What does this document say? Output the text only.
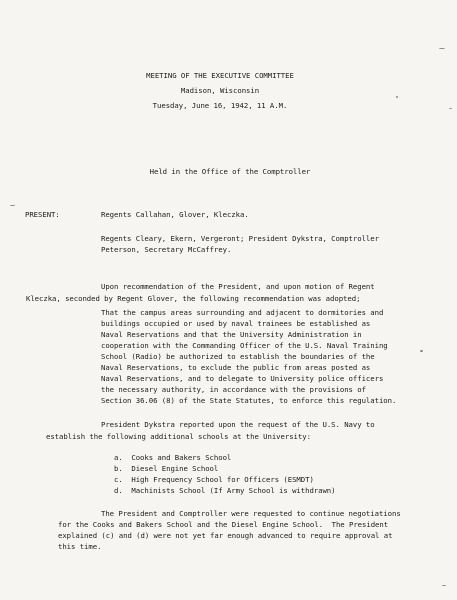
MEETING OF THE EXECUTIVE COMMITTEE
Madison, Wisconsin
Tuesday, June 16, 1942, 11 A.M.
Held in the Office of the Comptroller
PRESENT:	Regents Callahan, Glover, Kleczka.
Regents Cleary, Ekern, Vergeront; President Dykstra, Comptroller
Peterson, Secretary McCaffrey.
Upon recommendation of the President, and upon motion of Regent
Kleczka, seconded by Regent Glover, the following recommendation was adopted;
That the campus areas surrounding and adjacent to dormitories and
buildings occupied or used by naval trainees be established as
Naval Reservations and that the University Administration in
cooperation with the Commanding Officer of the U.S. Naval Training
School (Radio) be authorized to establish the boundaries of the
Naval Reservations, to exclude the public from areas posted as
Naval Reservations, and to delegate to University police officers
the necessary authority, in accordance with the provisions of
Section 36.06 (8) of the State Statutes, to enforce this regulation.
President Dykstra reported upon the request of the U.S. Navy to
establish the following additional schools at the University:
a.  Cooks and Bakers School
b.  Diesel Engine School
c.  High Frequency School for Officers (ESMDT)
d.  Machinists School (If Army School is withdrawn)
The President and Comptroller were requested to continue negotiations
for the Cooks and Bakers School and the Diesel Engine School.  The President
explained (c) and (d) were not yet far enough advanced to require approval at
this time.
